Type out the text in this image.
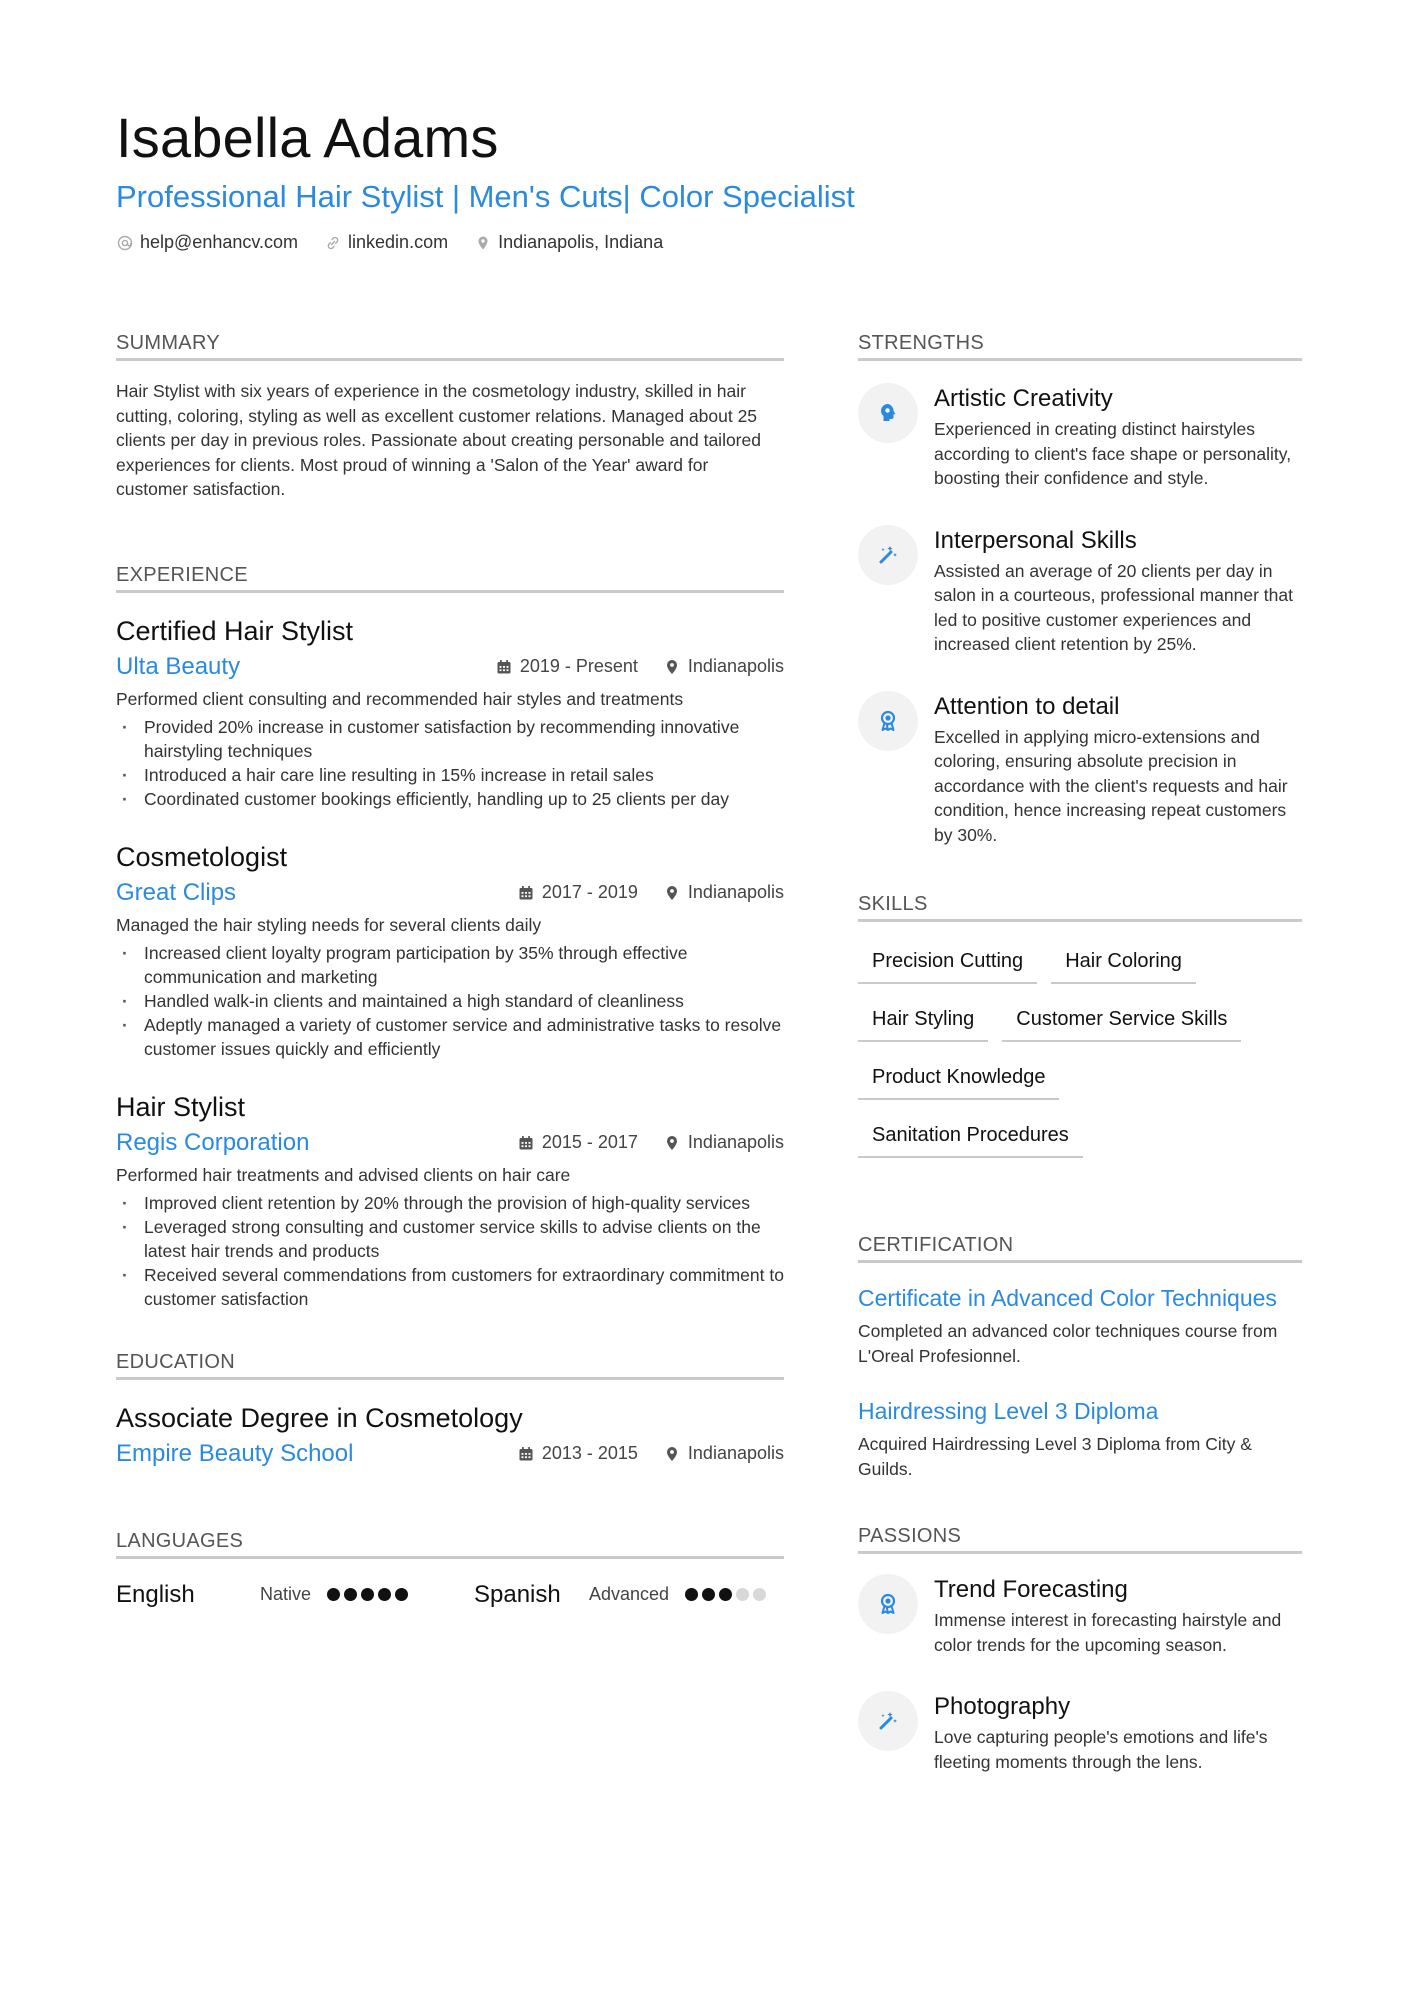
Isabella Adams
Professional Hair Stylist | Men's Cuts| Color Specialist
help@enhancv.com	linkedin.com	Indianapolis, Indiana
SUMMARY
Hair Stylist with six years of experience in the cosmetology industry, skilled in hair cutting, coloring, styling as well as excellent customer relations. Managed about 25 clients per day in previous roles. Passionate about creating personable and tailored experiences for clients. Most proud of winning a 'Salon of the Year' award for customer satisfaction.
EXPERIENCE
Certified Hair Stylist
Ulta Beauty	2019 - Present	Indianapolis
Performed client consulting and recommended hair styles and treatments
· Provided 20% increase in customer satisfaction by recommending innovative hairstyling techniques
· Introduced a hair care line resulting in 15% increase in retail sales
· Coordinated customer bookings efficiently, handling up to 25 clients per day
Cosmetologist
Great Clips	2017 - 2019	Indianapolis
Managed the hair styling needs for several clients daily
· Increased client loyalty program participation by 35% through effective communication and marketing
· Handled walk-in clients and maintained a high standard of cleanliness
· Adeptly managed a variety of customer service and administrative tasks to resolve customer issues quickly and efficiently
Hair Stylist
Regis Corporation	2015 - 2017	Indianapolis
Performed hair treatments and advised clients on hair care
· Improved client retention by 20% through the provision of high-quality services
· Leveraged strong consulting and customer service skills to advise clients on the latest hair trends and products
· Received several commendations from customers for extraordinary commitment to customer satisfaction
EDUCATION
Associate Degree in Cosmetology
Empire Beauty School	2013 - 2015	Indianapolis
LANGUAGES
English	Native	Spanish	Advanced
STRENGTHS
Artistic Creativity
Experienced in creating distinct hairstyles according to client's face shape or personality, boosting their confidence and style.
Interpersonal Skills
Assisted an average of 20 clients per day in salon in a courteous, professional manner that led to positive customer experiences and increased client retention by 25%.
Attention to detail
Excelled in applying micro-extensions and coloring, ensuring absolute precision in accordance with the client's requests and hair condition, hence increasing repeat customers by 30%.
SKILLS
Precision Cutting	Hair Coloring
Hair Styling	Customer Service Skills
Product Knowledge
Sanitation Procedures
CERTIFICATION
Certificate in Advanced Color Techniques
Completed an advanced color techniques course from L'Oreal Profesionnel.
Hairdressing Level 3 Diploma
Acquired Hairdressing Level 3 Diploma from City & Guilds.
PASSIONS
Trend Forecasting
Immense interest in forecasting hairstyle and color trends for the upcoming season.
Photography
Love capturing people's emotions and life's fleeting moments through the lens.
